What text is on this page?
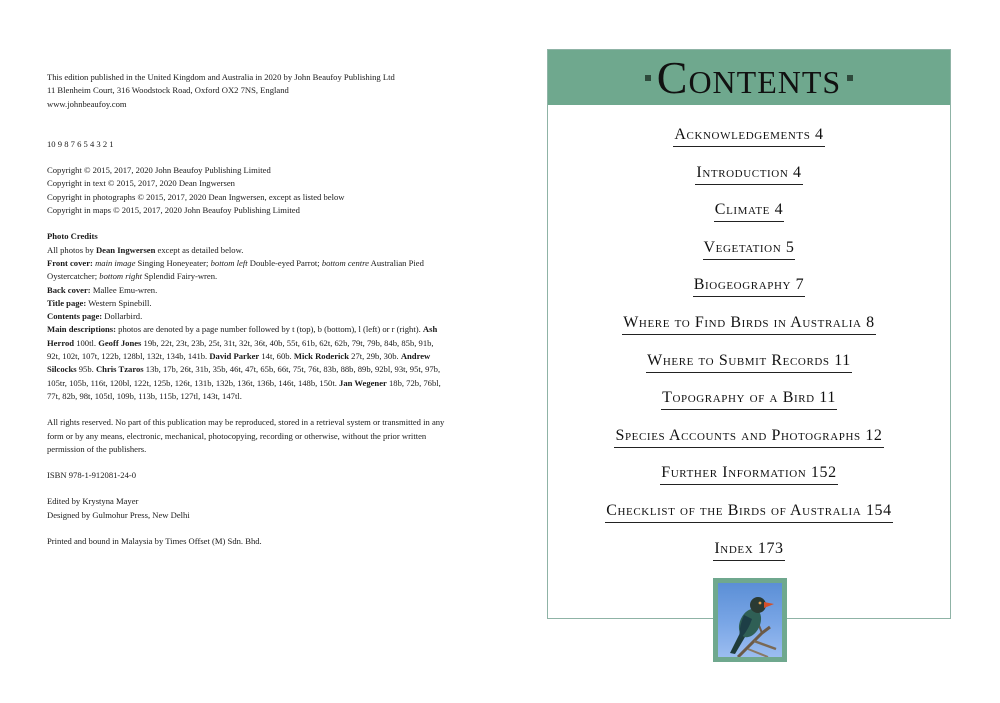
This edition published in the United Kingdom and Australia in 2020 by John Beaufoy Publishing Ltd

11 Blenheim Court, 316 Woodstock Road, Oxford OX2 7NS, England

www.johnbeaufoy.com

10 9 8 7 6 5 4 3 2 1

Copyright © 2015, 2017, 2020 John Beaufoy Publishing Limited

Copyright in text © 2015, 2017, 2020 Dean Ingwersen

Copyright in photographs © 2015, 2017, 2020 Dean Ingwersen, except as listed below

Copyright in maps © 2015, 2017, 2020 John Beaufoy Publishing Limited

Photo Credits

All photos by Dean Ingwersen except as detailed below.

Front cover: main image Singing Honeyeater; bottom left Double-eyed Parrot; bottom centre Australian Pied Oystercatcher; bottom right Splendid Fairy-wren.

Back cover: Mallee Emu-wren.

Title page: Western Spinebill.

Contents page: Dollarbird.

Main descriptions: photos are denoted by a page number followed by t (top), b (bottom), l (left) or r (right). Ash Herrod 100tl. Geoff Jones 19b, 22t, 23t, 23b, 25t, 31t, 32t, 36t, 40b, 55t, 61b, 62t, 62b, 79t, 79b, 84b, 85b, 91b, 92t, 102t, 107t, 122b, 128bl, 132t, 134b, 141b. David Parker 14t, 60b. Mick Roderick 27t, 29b, 30b. Andrew Silcocks 95b. Chris Tzaros 13b, 17b, 26t, 31b, 35b, 46t, 47t, 65b, 66t, 75t, 76t, 83b, 88b, 89b, 92bl, 93t, 95t, 97b, 105tr, 105b, 116t, 120bl, 122t, 125b, 126t, 131b, 132b, 136t, 136b, 146t, 148b, 150t. Jan Wegener 18b, 72b, 76bl, 77t, 82b, 98t, 105tl, 109b, 113b, 115b, 127tl, 143t, 147tl.

All rights reserved. No part of this publication may be reproduced, stored in a retrieval system or transmitted in any form or by any means, electronic, mechanical, photocopying, recording or otherwise, without the prior written permission of the publishers.

ISBN 978-1-912081-24-0

Edited by Krystyna Mayer

Designed by Gulmohur Press, New Delhi

Printed and bound in Malaysia by Times Offset (M) Sdn. Bhd.

Contents
Acknowledgements 4
Introduction 4
Climate 4
Vegetation 5
Biogeography 7
Where to Find Birds in Australia 8
Where to Submit Records 11
Topography of a Bird 11
Species Accounts and Photographs 12
Further Information 152
Checklist of the Birds of Australia 154
Index 173
